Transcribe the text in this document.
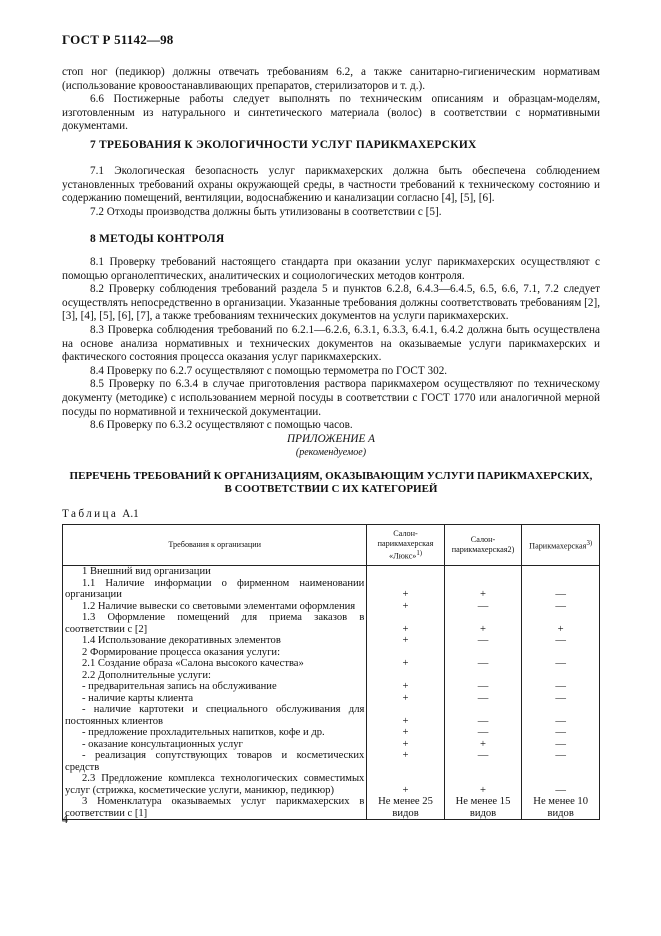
ГОСТ Р 51142—98

стоп ног (педикюр) должны отвечать требованиям 6.2, а также санитарно-гигиеническим нормативам (использование кровоостанавливающих препаратов, стерилизаторов и т. д.).

6.6 Постижерные работы следует выполнять по техническим описаниям и образцам-моделям, изготовленным из натурального и синтетического материала (волос) в соответствии с нормативными документами.

7 ТРЕБОВАНИЯ К ЭКОЛОГИЧНОСТИ УСЛУГ ПАРИКМАХЕРСКИХ

7.1 Экологическая безопасность услуг парикмахерских должна быть обеспечена соблюдением установленных требований охраны окружающей среды, в частности требований к техническому состоянию и содержанию помещений, вентиляции, водоснабжению и канализации согласно [4], [5], [6].

7.2 Отходы производства должны быть утилизованы в соответствии с [5].

8 МЕТОДЫ КОНТРОЛЯ

8.1 Проверку требований настоящего стандарта при оказании услуг парикмахерских осуществляют с помощью органолептических, аналитических и социологических методов контроля.

8.2 Проверку соблюдения требований раздела 5 и пунктов 6.2.8, 6.4.3—6.4.5, 6.5, 6.6, 7.1, 7.2 следует осуществлять непосредственно в организации. Указанные требования должны соответствовать требованиям [2], [3], [4], [5], [6], [7], а также требованиям технических документов на услуги парикмахерских.

8.3 Проверка соблюдения требований по 6.2.1—6.2.6, 6.3.1, 6.3.3, 6.4.1, 6.4.2 должна быть осуществлена на основе анализа нормативных и технических документов на оказываемые услуги парикмахерских и фактического состояния процесса оказания услуг парикмахерских.

8.4 Проверку по 6.2.7 осуществляют с помощью термометра по ГОСТ 302.

8.5 Проверку по 6.3.4 в случае приготовления раствора парикмахером осуществляют по техническому документу (методике) с использованием мерной посуды в соответствии с ГОСТ 1770 или аналогичной мерной посуды по нормативной и технической документации.

8.6 Проверку по 6.3.2 осуществляют с помощью часов.

ПРИЛОЖЕНИЕ А
(рекомендуемое)
ПЕРЕЧЕНЬ ТРЕБОВАНИЙ К ОРГАНИЗАЦИЯМ, ОКАЗЫВАЮЩИМ УСЛУГИ ПАРИКМАХЕРСКИХ,
В СООТВЕТСТВИИ С ИХ КАТЕГОРИЕЙ
Таблица А.1
Требования к организации	Салон-парикмахерская «Люкс»$^{1)}$	Салон-парикмахерская2)	Парикмахерская$^{3)}$

1 Внешний вид организации			

1.1 Наличие информации о фирменном наименовании организации	+	+	—

1.2 Наличие вывески со световыми элементами оформления	+	—	—

1.3 Оформление помещений для приема заказов в соответствии с [2]	+	+	+

1.4 Использование декоративных элементов	+	—	—

2 Формирование процесса оказания услуги:			

2.1 Создание образа «Салона высокого качества»	+	—	—

2.2 Дополнительные услуги:			

- предварительная запись на обслуживание	+	—	—

- наличие карты клиента	+	—	—

- наличие картотеки и специального обслуживания для постоянных клиентов	+	—	—

- предложение прохладительных напитков, кофе и др.	+	—	—

- оказание консультационных услуг	+	+	—

- реализация сопутствующих товаров и косметических средств	+	—	—

2.3 Предложение комплекса технологических совместимых услуг (стрижка, косметические услуги, маникюр, педикюр)	+	+	—

3 Номенклатура оказываемых услуг парикмахерских в соответствии с [1]	Не менее 25 видов	Не менее 15 видов	Не менее 10 видов
4
